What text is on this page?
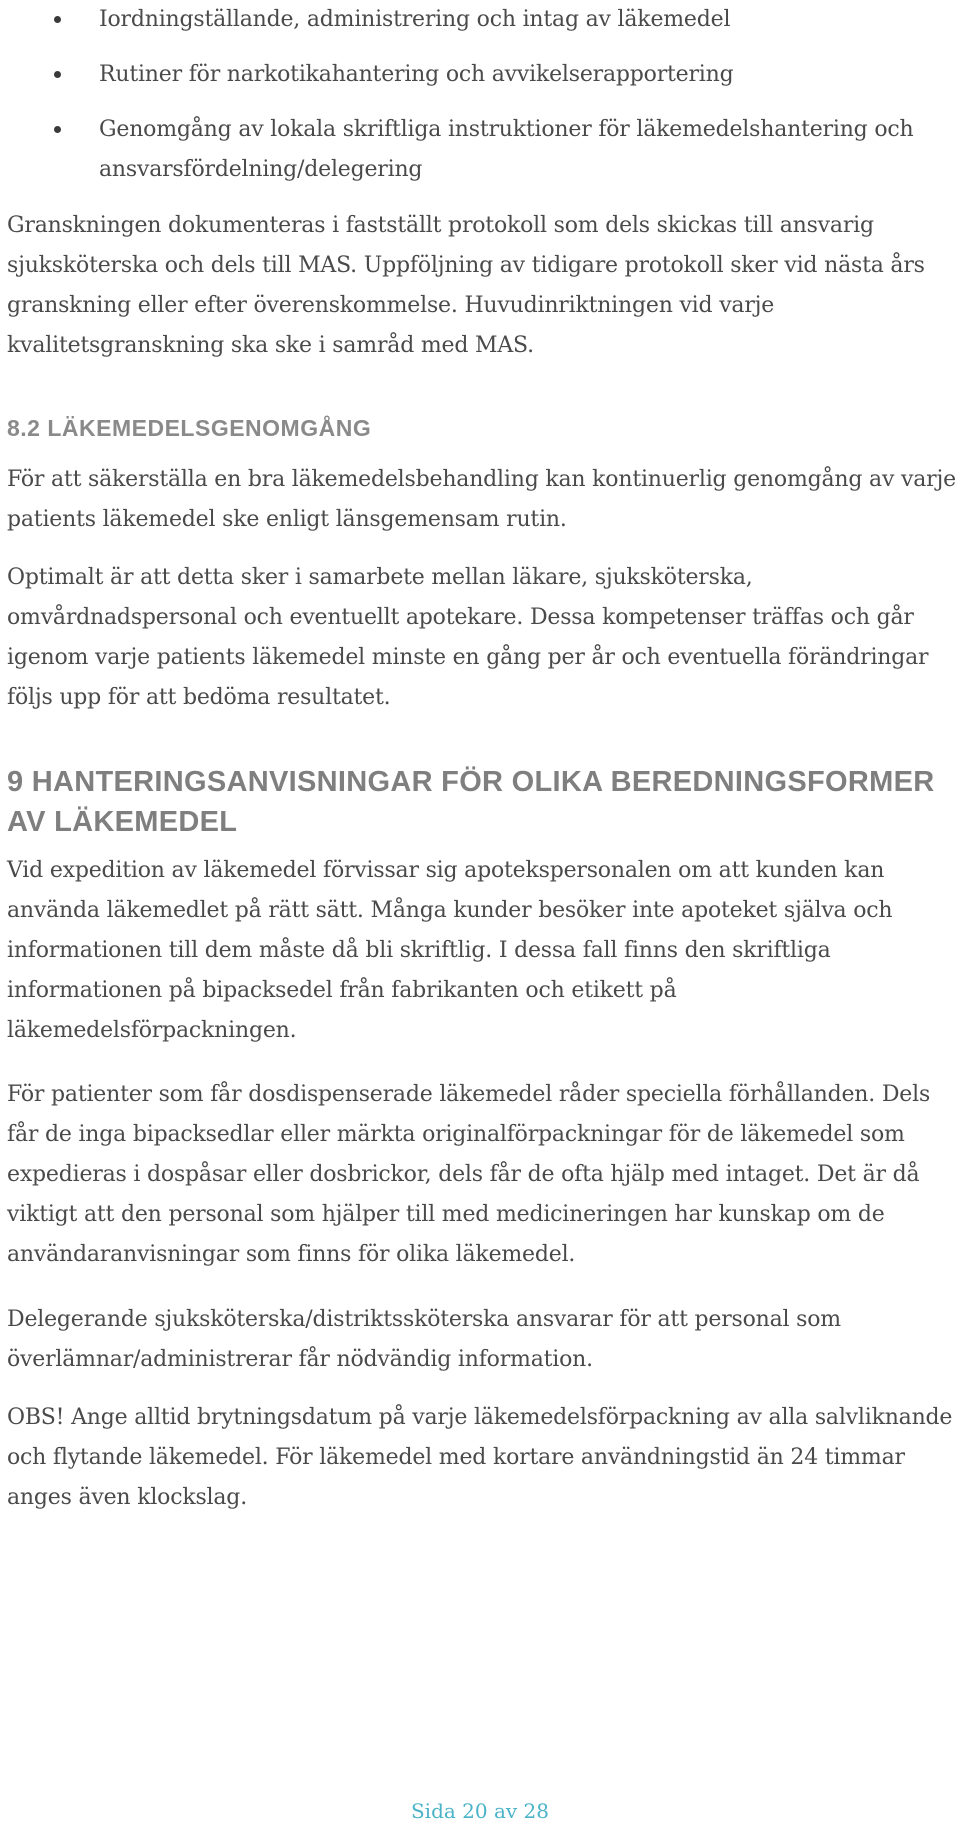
Iordningställande, administrering och intag av läkemedel
Rutiner för narkotikahantering och avvikelserapportering
Genomgång av lokala skriftliga instruktioner för läkemedelshantering och ansvarsfördelning/delegering

Granskningen dokumenteras i fastställt protokoll som dels skickas till ansvarig sjuksköterska och dels till MAS. Uppföljning av tidigare protokoll sker vid nästa års granskning eller efter överenskommelse. Huvudinriktningen vid varje kvalitetsgranskning ska ske i samråd med MAS.

8.2 LÄKEMEDELSGENOMGÅNG

För att säkerställa en bra läkemedelsbehandling kan kontinuerlig genomgång av varje patients läkemedel ske enligt länsgemensam rutin.

Optimalt är att detta sker i samarbete mellan läkare, sjuksköterska, omvårdnadspersonal och eventuellt apotekare. Dessa kompetenser träffas och går igenom varje patients läkemedel minste en gång per år och eventuella förändringar följs upp för att bedöma resultatet.

9 HANTERINGSANVISNINGAR FÖR OLIKA BEREDNINGSFORMER AV LÄKEMEDEL

Vid expedition av läkemedel förvissar sig apotekspersonalen om att kunden kan använda läkemedlet på rätt sätt. Många kunder besöker inte apoteket själva och informationen till dem måste då bli skriftlig. I dessa fall finns den skriftliga informationen på bipacksedel från fabrikanten och etikett på läkemedelsförpackningen.

För patienter som får dosdispenserade läkemedel råder speciella förhållanden. Dels får de inga bipacksedlar eller märkta originalförpackningar för de läkemedel som expedieras i dospåsar eller dosbrickor, dels får de ofta hjälp med intaget. Det är då viktigt att den personal som hjälper till med medicineringen har kunskap om de användaranvisningar som finns för olika läkemedel.

Delegerande sjuksköterska/distriktssköterska ansvarar för att personal som överlämnar/administrerar får nödvändig information.

OBS! Ange alltid brytningsdatum på varje läkemedelsförpackning av alla salvliknande och flytande läkemedel. För läkemedel med kortare användningstid än 24 timmar anges även klockslag.

Sida 20 av 28
